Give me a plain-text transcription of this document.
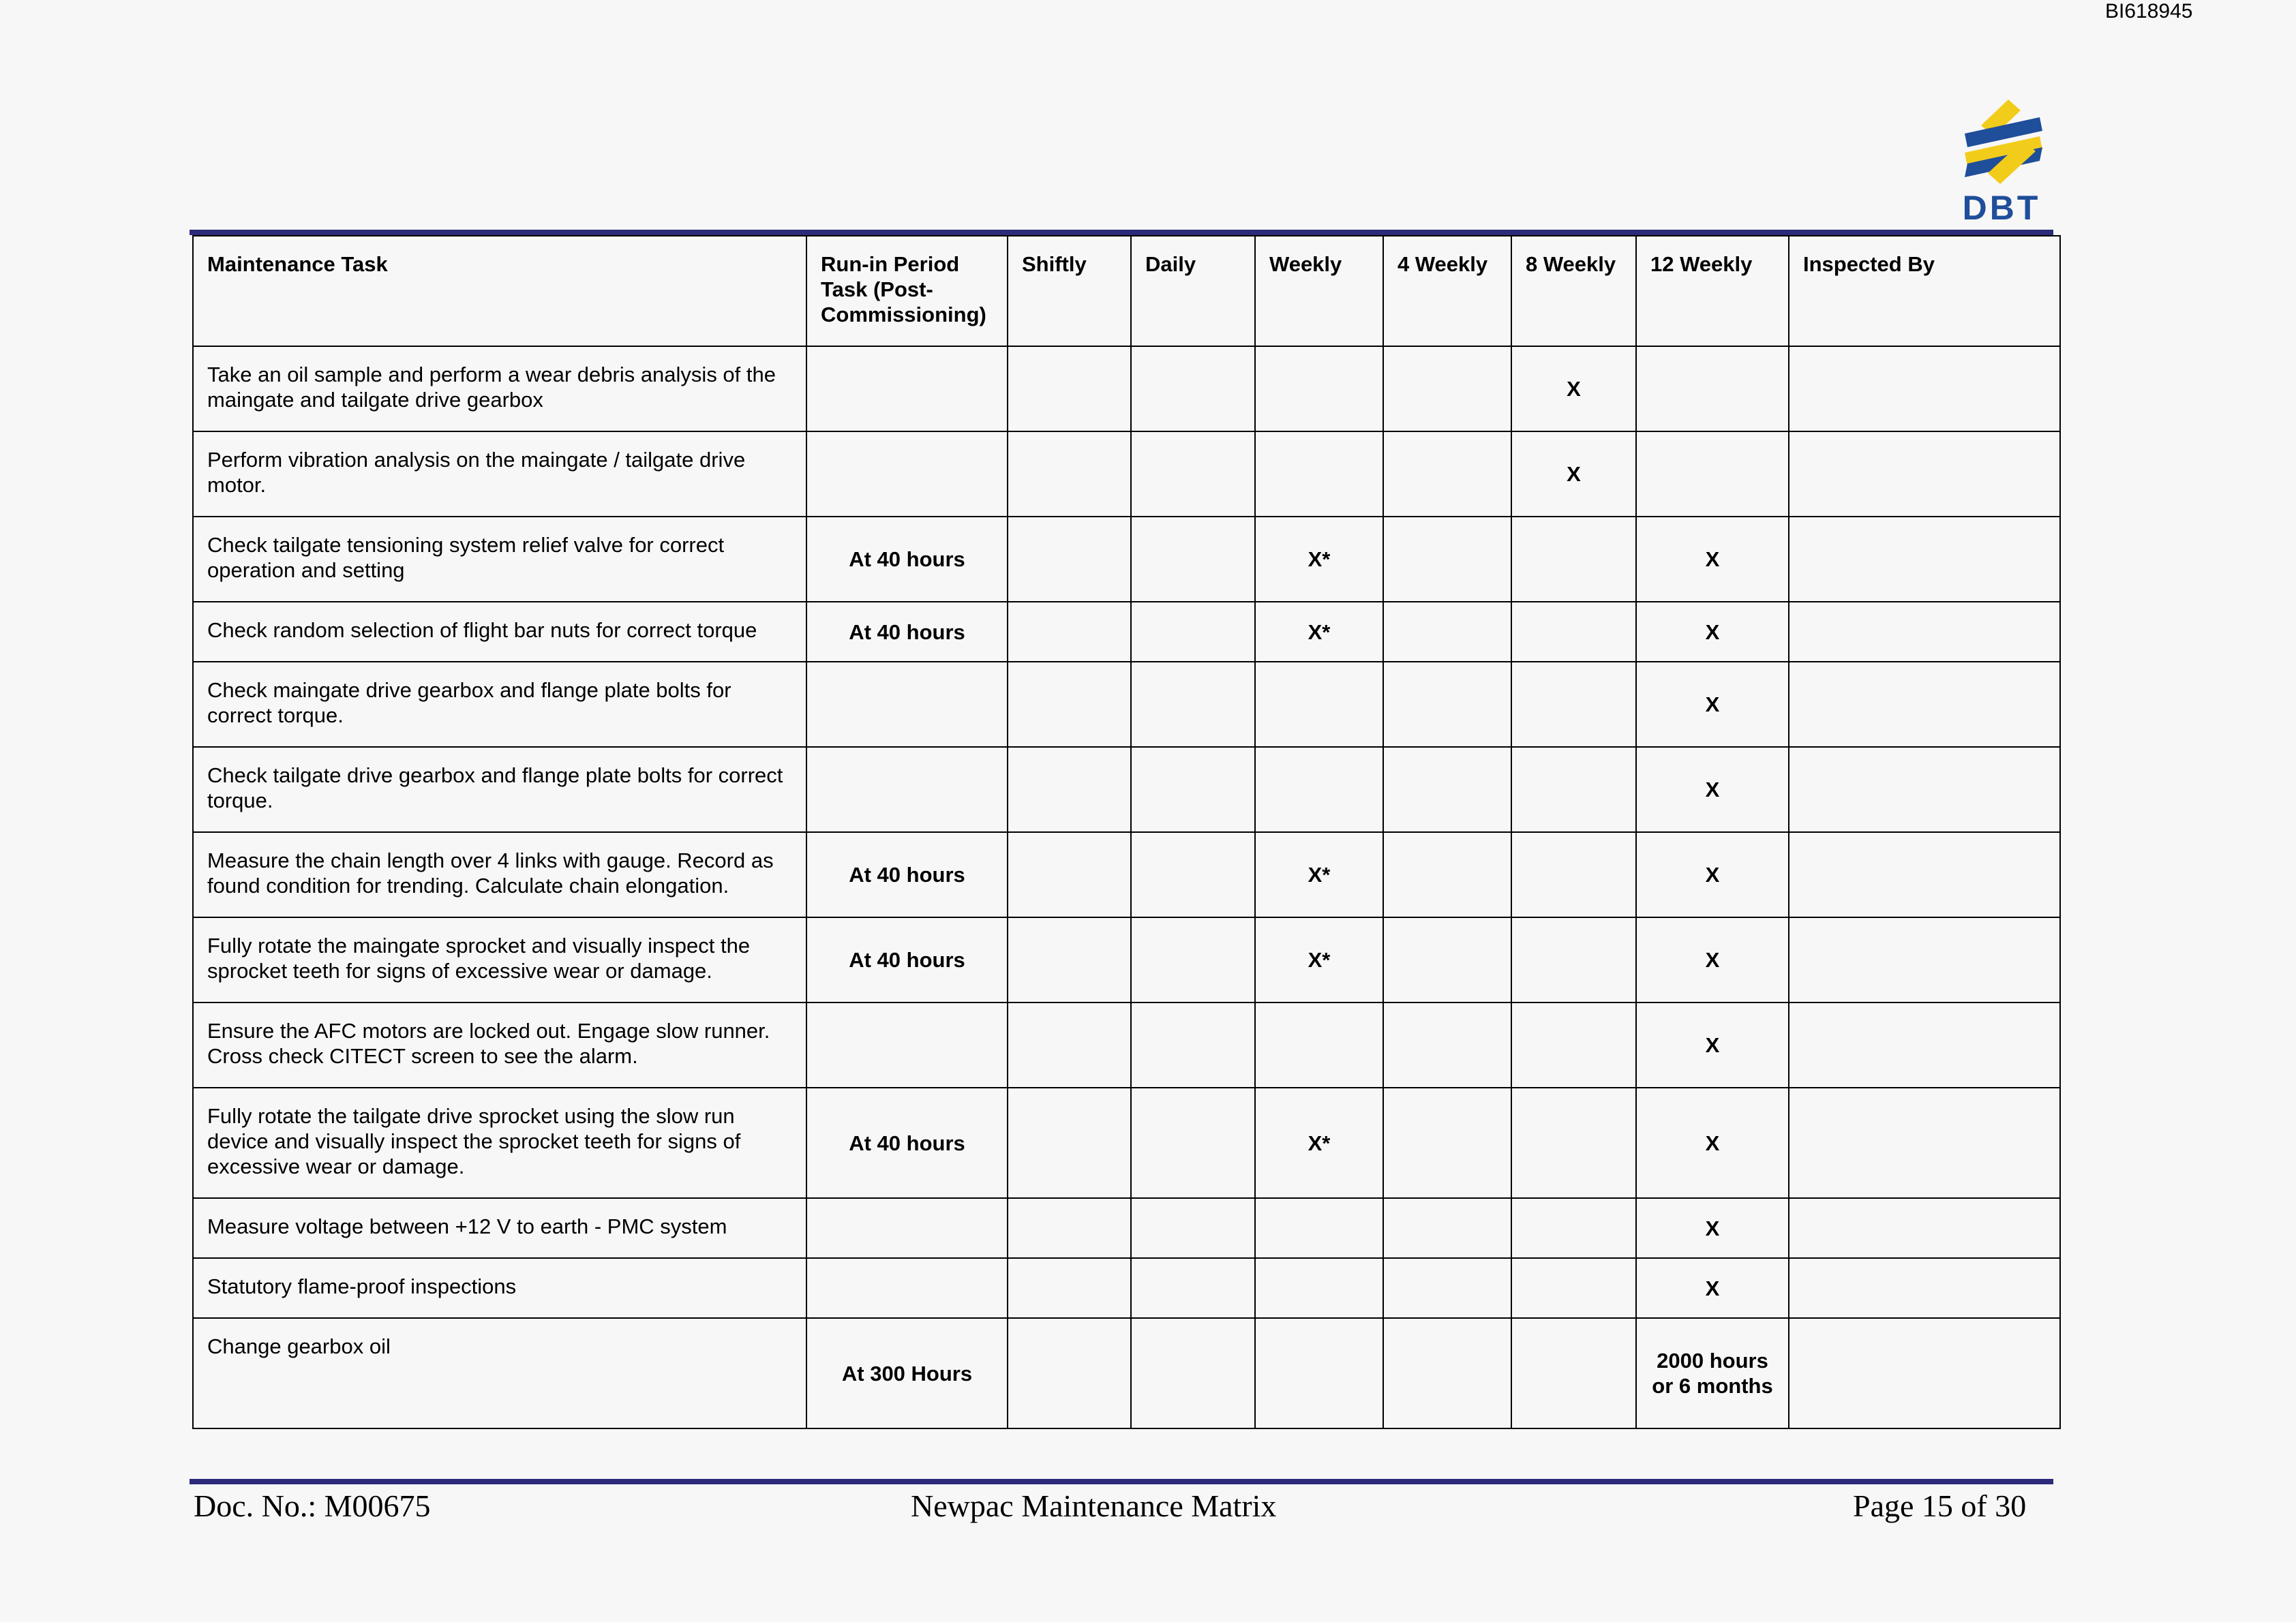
BI618945
DBT
Maintenance Task	Run-in Period Task (Post-Commissioning)	Shiftly	Daily	Weekly	4 Weekly	8 Weekly	12 Weekly	Inspected By
Take an oil sample and perform a wear debris analysis of the maingate and tailgate drive gearbox						X		
Perform vibration analysis on the maingate / tailgate drive motor.						X		
Check tailgate tensioning system relief valve for correct operation and setting	At 40 hours			X*			X	
Check random selection of flight bar nuts for correct torque	At 40 hours			X*			X	
Check maingate drive gearbox and flange plate bolts for correct torque.							X	
Check tailgate drive gearbox and flange plate bolts for correct torque.							X	
Measure the chain length over 4 links with gauge. Record as found condition for trending. Calculate chain elongation.	At 40 hours			X*			X	
Fully rotate the maingate sprocket and visually inspect the sprocket teeth for signs of excessive wear or damage.	At 40 hours			X*			X	
Ensure the AFC motors are locked out. Engage slow runner. Cross check CITECT screen to see the alarm.							X	
Fully rotate the tailgate drive sprocket using the slow run device and visually inspect the sprocket teeth for signs of excessive wear or damage.	At 40 hours			X*			X	
Measure voltage between +12 V to earth - PMC system							X	
Statutory flame-proof inspections							X	
Change gearbox oil	At 300 Hours						2000 hours or 6 months	
Doc. No.: M00675	Newpac Maintenance Matrix	Page 15 of 30
